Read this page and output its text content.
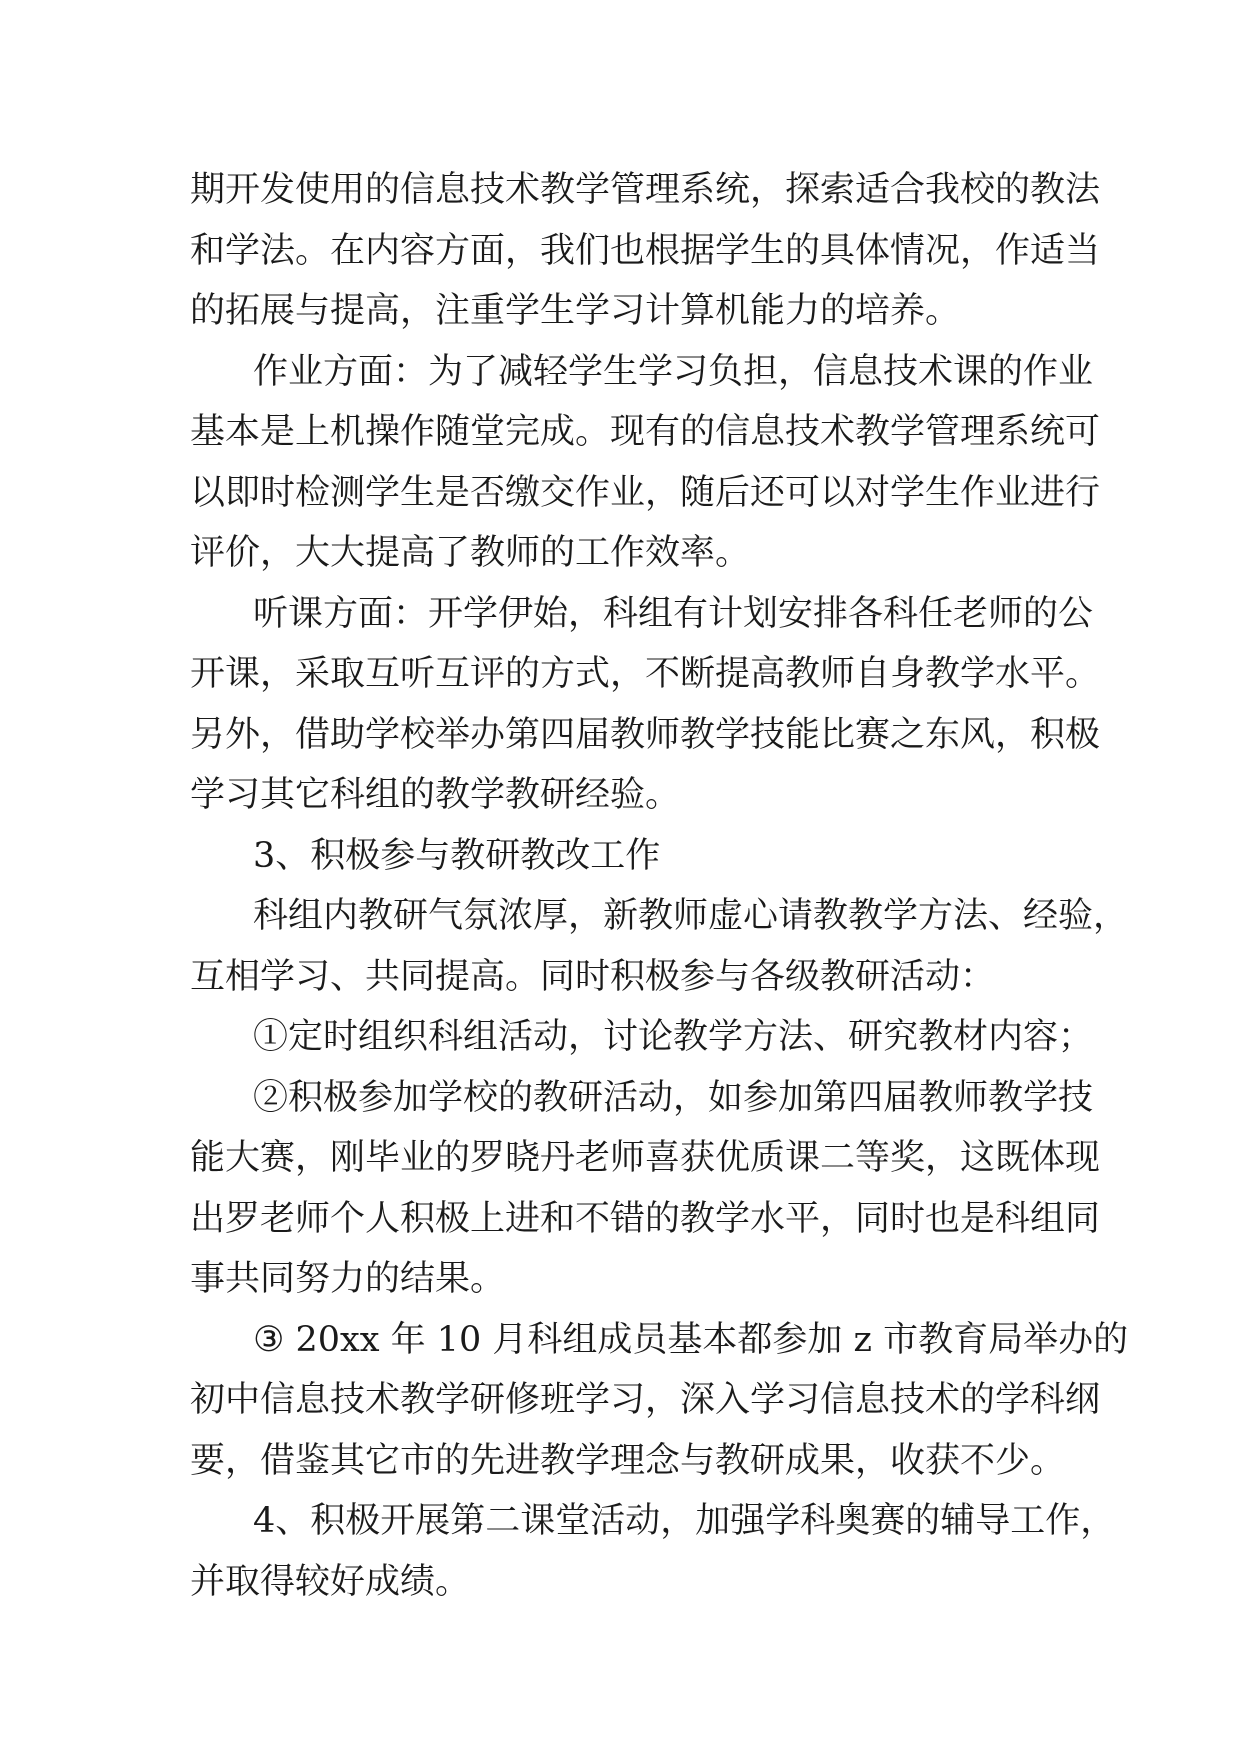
期开发使用的信息技术教学管理系统，探索适合我校的教法
和学法。在内容方面，我们也根据学生的具体情况，作适当
的拓展与提高，注重学生学习计算机能力的培养。
作业方面：为了减轻学生学习负担，信息技术课的作业
基本是上机操作随堂完成。现有的信息技术教学管理系统可
以即时检测学生是否缴交作业，随后还可以对学生作业进行
评价，大大提高了教师的工作效率。
听课方面：开学伊始，科组有计划安排各科任老师的公
开课，采取互听互评的方式，不断提高教师自身教学水平。
另外，借助学校举办第四届教师教学技能比赛之东风，积极
学习其它科组的教学教研经验。
3、积极参与教研教改工作
科组内教研气氛浓厚，新教师虚心请教教学方法、经验，
互相学习、共同提高。同时积极参与各级教研活动：
①定时组织科组活动，讨论教学方法、研究教材内容；
②积极参加学校的教研活动，如参加第四届教师教学技
能大赛，刚毕业的罗晓丹老师喜获优质课二等奖，这既体现
出罗老师个人积极上进和不错的教学水平，同时也是科组同
事共同努力的结果。
③ 20xx 年 10 月科组成员基本都参加 z 市教育局举办的
初中信息技术教学研修班学习，深入学习信息技术的学科纲
要，借鉴其它市的先进教学理念与教研成果，收获不少。
4、积极开展第二课堂活动，加强学科奥赛的辅导工作，
并取得较好成绩。
